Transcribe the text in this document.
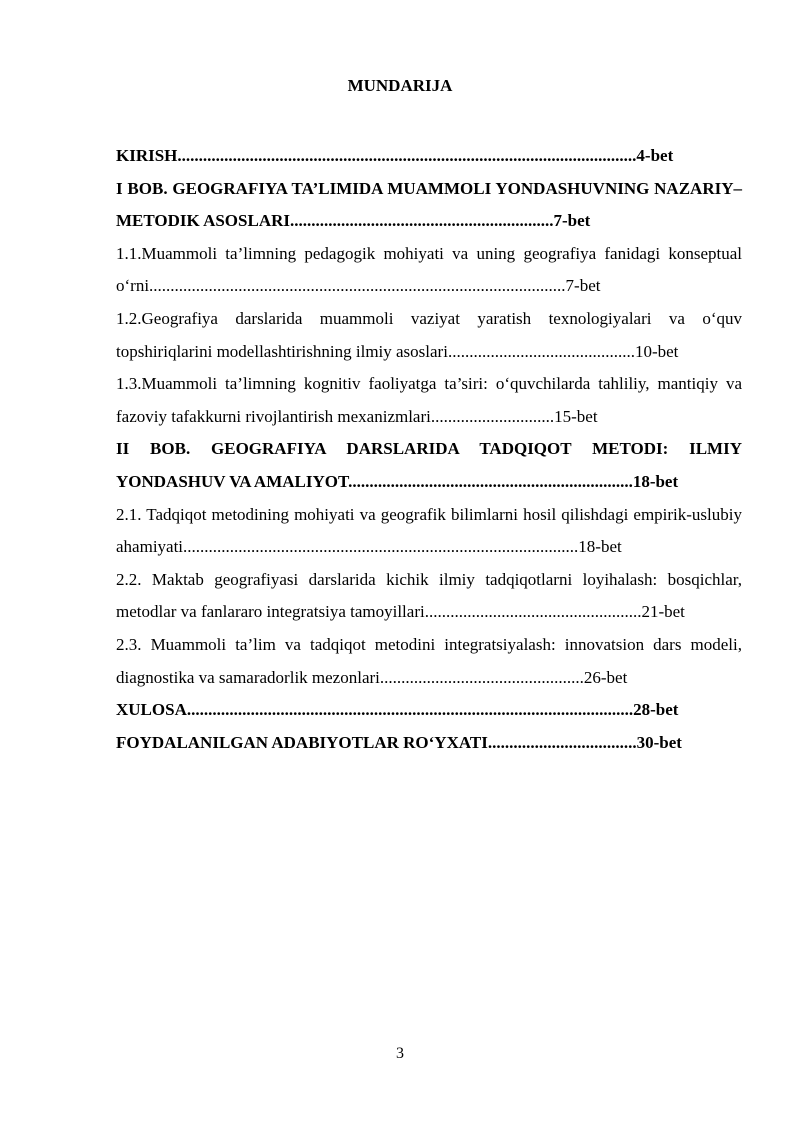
MUNDARIJA
KIRISH............................................................................................................4-bet
I BOB. GEOGRAFIYA TA’LIMIDA MUAMMOLI YONDASHUVNING NAZARIY–METODIK ASOSLARI..............................................................7-bet
1.1.Muammoli ta’limning pedagogik mohiyati va uning geografiya fanidagi konseptual o‘rni..................................................................................................7-bet
1.2.Geografiya darslarida muammoli vaziyat yaratish texnologiyalari va o‘quv topshiriqlarini modellashtirishning ilmiy asoslari............................................10-bet
1.3.Muammoli ta’limning kognitiv faoliyatga ta’siri: o‘quvchilarda tahliliy, mantiqiy va fazoviy tafakkurni rivojlantirish mexanizmlari.............................15-bet
II BOB. GEOGRAFIYA DARSLARIDA TADQIQOT METODI: ILMIY YONDASHUV VA AMALIYOT...................................................................18-bet
2.1. Tadqiqot metodining mohiyati va geografik bilimlarni hosil qilishdagi empirik-uslubiy ahamiyati.............................................................................................18-bet
2.2. Maktab geografiyasi darslarida kichik ilmiy tadqiqotlarni loyihalash: bosqichlar, metodlar va fanlararo integratsiya tamoyillari...................................................21-bet
2.3. Muammoli ta’lim va tadqiqot metodini integratsiyalash: innovatsion dars modeli, diagnostika va samaradorlik mezonlari................................................26-bet
XULOSA.........................................................................................................28-bet
FOYDALANILGAN ADABIYOTLAR RO‘YXATI...................................30-bet
3
